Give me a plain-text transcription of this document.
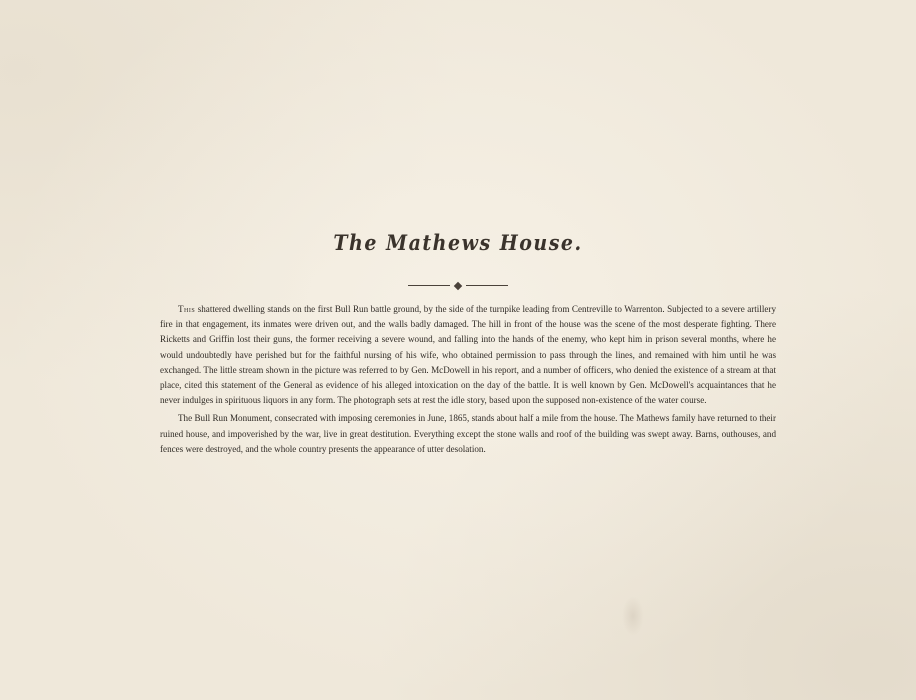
The Mathews House.

This shattered dwelling stands on the first Bull Run battle ground, by the side of the turnpike leading from Centreville to Warrenton. Subjected to a severe artillery fire in that engagement, its inmates were driven out, and the walls badly damaged. The hill in front of the house was the scene of the most desperate fighting. There Ricketts and Griffin lost their guns, the former receiving a severe wound, and falling into the hands of the enemy, who kept him in prison several months, where he would undoubtedly have perished but for the faithful nursing of his wife, who obtained permission to pass through the lines, and remained with him until he was exchanged. The little stream shown in the picture was referred to by Gen. McDowell in his report, and a number of officers, who denied the existence of a stream at that place, cited this statement of the General as evidence of his alleged intoxication on the day of the battle. It is well known by Gen. McDowell's acquaintances that he never indulges in spirituous liquors in any form. The photograph sets at rest the idle story, based upon the supposed non-existence of the water course.

The Bull Run Monument, consecrated with imposing ceremonies in June, 1865, stands about half a mile from the house. The Mathews family have returned to their ruined house, and impoverished by the war, live in great destitution. Everything except the stone walls and roof of the building was swept away. Barns, outhouses, and fences were destroyed, and the whole country presents the appearance of utter desolation.
